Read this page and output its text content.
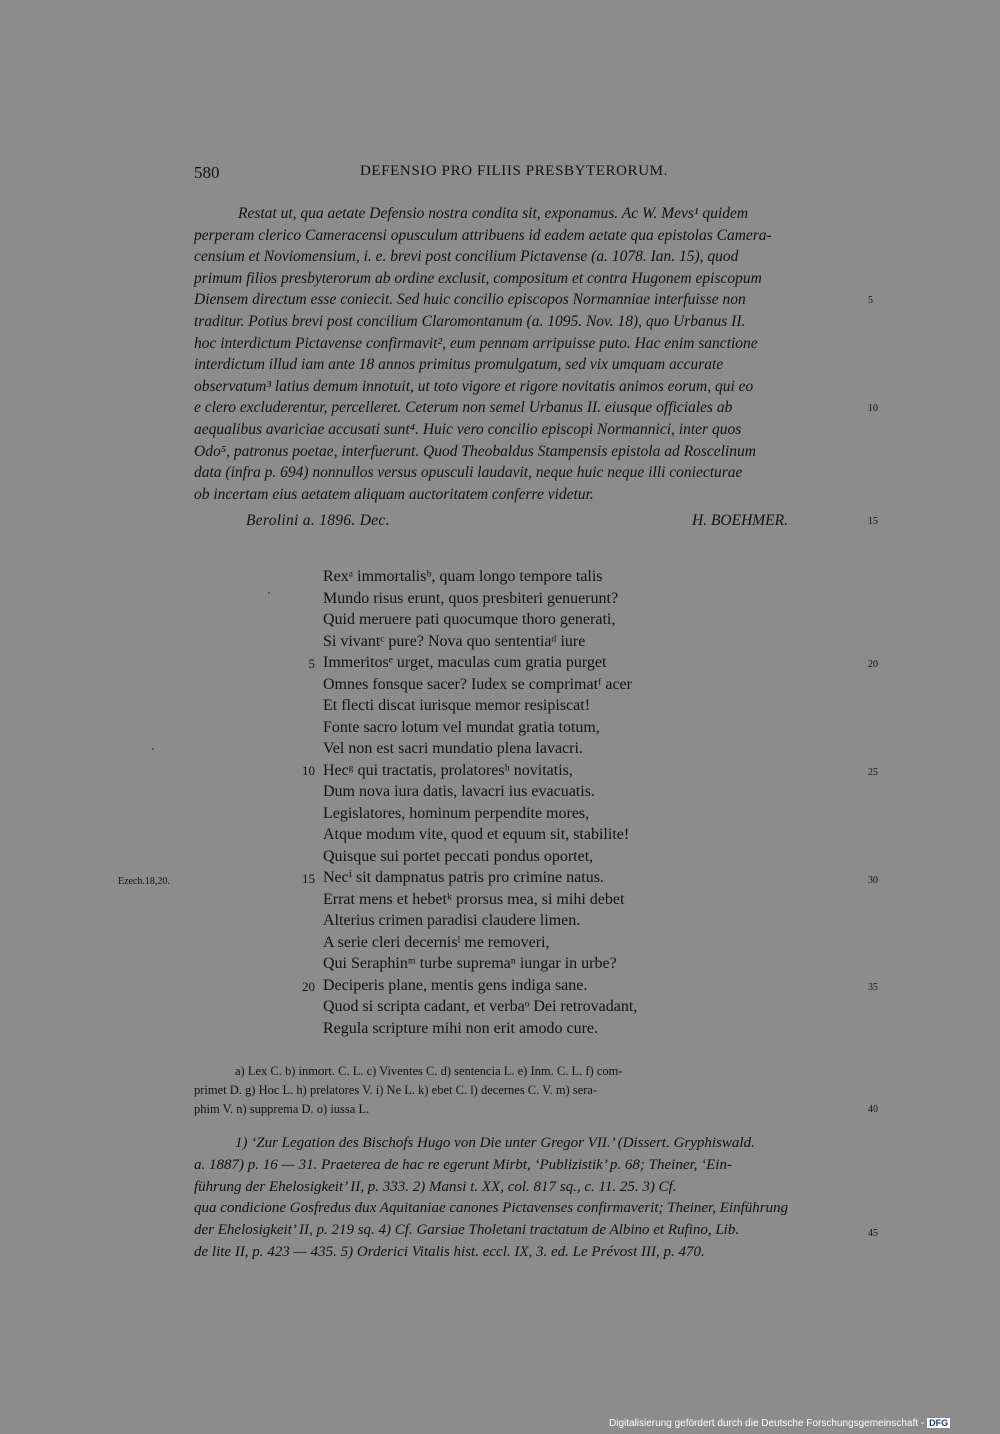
580	DEFENSIO PRO FILIIS PRESBYTERORUM.
Restat ut, qua aetate Defensio nostra condita sit, exponamus. Ac W. Mevs¹ quidem
perperam clerico Cameracensi opusculum attribuens id eadem aetate qua epistolas Camera-
censium et Noviomensium, i. e. brevi post concilium Pictavense (a. 1078. Ian. 15), quod
primum filios presbyterorum ab ordine exclusit, compositum et contra Hugonem episcopum
Diensem directum esse coniecit. Sed huic concilio episcopos Normanniae interfuisse non
traditur. Potius brevi post concilium Claromontanum (a. 1095. Nov. 18), quo Urbanus II.
hoc interdictum Pictavense confirmavit², eum pennam arripuisse puto. Hac enim sanctione
interdictum illud iam ante 18 annos primitus promulgatum, sed vix umquam accurate
observatum³ latius demum innotuit, ut toto vigore et rigore novitatis animos eorum, qui eo
e clero excluderentur, percelleret. Ceterum non semel Urbanus II. eiusque officiales ab
aequalibus avariciae accusati sunt⁴. Huic vero concilio episcopi Normannici, inter quos
Odo⁵, patronus poetae, interfuerunt. Quod Theobaldus Stampensis epistola ad Roscelinum
data (infra p. 694) nonnullos versus opusculi laudavit, neque huic neque illi coniecturae
ob incertam eius aetatem aliquam auctoritatem conferre videtur.
5
10
Berolini a. 1896. Dec.	H. BOEHMER.	15
Rexᵃ immortalisᵇ, quam longo tempore talis
Mundo risus erunt, quos presbiteri genuerunt?
Quid meruere pati quocumque thoro generati,
Si vivantᶜ pure? Nova quo sententiaᵈ iure
Immeritosᵉ urget, maculas cum gratia purget
Omnes fonsque sacer? Iudex se comprimatᶠ acer
Et flecti discat iurisque memor resipiscat!
Fonte sacro lotum vel mundat gratia totum,
Vel non est sacri mundatio plena lavacri.
Hecᵍ qui tractatis, prolatoresʰ novitatis,
Dum nova iura datis, lavacri ius evacuatis.
Legislatores, hominum perpendite mores,
Atque modum vite, quod et equum sit, stabilite!
Quisque sui portet peccati pondus oportet,
Necⁱ sit dampnatus patris pro crimine natus.
Errat mens et hebetᵏ prorsus mea, si mihi debet
Alterius crimen paradisi claudere limen.
A serie cleri decernisˡ me removeri,
Qui Seraphinᵐ turbe supremaⁿ iungar in urbe?
Deciperis plane, mentis gens indiga sane.
Quod si scripta cadant, et verbaᵒ Dei retrovadant,
Regula scripture mihi non erit amodo cure.
5
10
15
20
20
25
30
35
Ezech.18,20.
a) Lex C. b) inmort. C. L. c) Viventes C. d) sentencia L. e) Inm. C. L. f) com-
primet D. g) Hoc L. h) prelatores V. i) Ne L. k) ebet C. l) decernes C. V. m) sera-
phim V. n) supprema D. o) iussa L.	40
1) ‘Zur Legation des Bischofs Hugo von Die unter Gregor VII.’ (Dissert. Gryphiswald.
a. 1887) p. 16 — 31. Praeterea de hac re egerunt Mirbt, ‘Publizistik’ p. 68; Theiner, ‘Ein-
führung der Ehelosigkeit’ II, p. 333. 2) Mansi t. XX, col. 817 sq., c. 11. 25. 3) Cf.
qua condicione Gosfredus dux Aquitaniae canones Pictavenses confirmaverit; Theiner, Einführung
der Ehelosigkeit’ II, p. 219 sq. 4) Cf. Garsiae Tholetani tractatum de Albino et Rufino, Lib.
de lite II, p. 423 — 435. 5) Orderici Vitalis hist. eccl. IX, 3. ed. Le Prévost III, p. 470.
45
Digitalisierung gefördert durch die Deutsche Forschungsgemeinschaft - DFG
